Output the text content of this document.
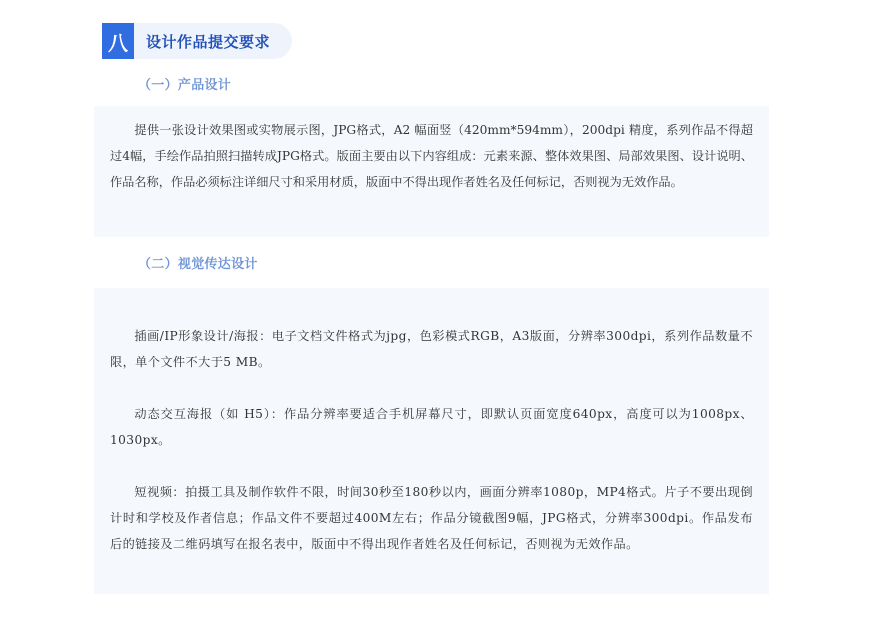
八	设计作品提交要求
（一）产品设计

提供一张设计效果图或实物展示图，JPG格式，A2 幅面竖（420mm*594mm），200dpi 精度，系列作品不得超过4幅，手绘作品拍照扫描转成JPG格式。版面主要由以下内容组成：元素来源、整体效果图、局部效果图、设计说明、作品名称，作品必须标注详细尺寸和采用材质，版面中不得出现作者姓名及任何标记，否则视为无效作品。

（二）视觉传达设计

插画/IP形象设计/海报：电子文档文件格式为jpg，色彩模式RGB，A3版面，分辨率300dpi，系列作品数量不限，单个文件不大于5 MB。

动态交互海报（如 H5）：作品分辨率要适合手机屏幕尺寸，即默认页面宽度640px，高度可以为1008px、1030px。

短视频：拍摄工具及制作软件不限，时间30秒至180秒以内，画面分辨率1080p，MP4格式。片子不要出现倒计时和学校及作者信息；作品文件不要超过400M左右；作品分镜截图9幅，JPG格式，分辨率300dpi。作品发布后的链接及二维码填写在报名表中，版面中不得出现作者姓名及任何标记，否则视为无效作品。
